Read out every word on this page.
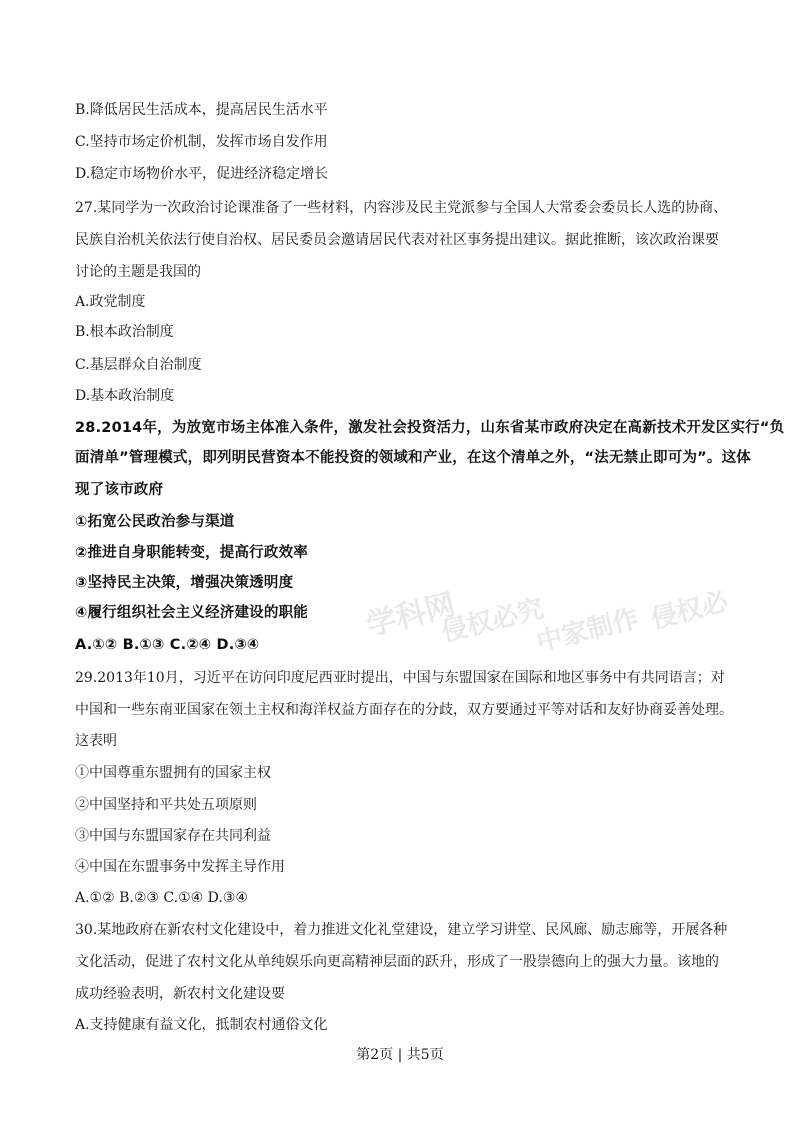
学科网
侵权必究
中家制作 侵权必
B.降低居民生活成本，提高居民生活水平
C.坚持市场定价机制，发挥市场自发作用
D.稳定市场物价水平，促进经济稳定增长
27.某同学为一次政治讨论课准备了一些材料，内容涉及民主党派参与全国人大常委会委员长人选的协商、
民族自治机关依法行使自治权、居民委员会邀请居民代表对社区事务提出建议。据此推断，该次政治课要
讨论的主题是我国的
A.政党制度
B.根本政治制度
C.基层群众自治制度
D.基本政治制度
28.2014年，为放宽市场主体准入条件，激发社会投资活力，山东省某市政府决定在高新技术开发区实行“负
面清单”管理模式，即列明民营资本不能投资的领域和产业，在这个清单之外，“法无禁止即可为”。这体
现了该市政府
①拓宽公民政治参与渠道
②推进自身职能转变，提高行政效率
③坚持民主决策，增强决策透明度
④履行组织社会主义经济建设的职能
A.①② B.①③ C.②④ D.③④
29.2013年10月，习近平在访问印度尼西亚时提出，中国与东盟国家在国际和地区事务中有共同语言；对
中国和一些东南亚国家在领土主权和海洋权益方面存在的分歧，双方要通过平等对话和友好协商妥善处理。
这表明
①中国尊重东盟拥有的国家主权
②中国坚持和平共处五项原则
③中国与东盟国家存在共同利益
④中国在东盟事务中发挥主导作用
A.①② B.②③ C.①④ D.③④
30.某地政府在新农村文化建设中，着力推进文化礼堂建设，建立学习讲堂、民风廊、励志廊等，开展各种
文化活动，促进了农村文化从单纯娱乐向更高精神层面的跃升，形成了一股崇德向上的强大力量。该地的
成功经验表明，新农村文化建设要
A.支持健康有益文化，抵制农村通俗文化
第2页 | 共5页
